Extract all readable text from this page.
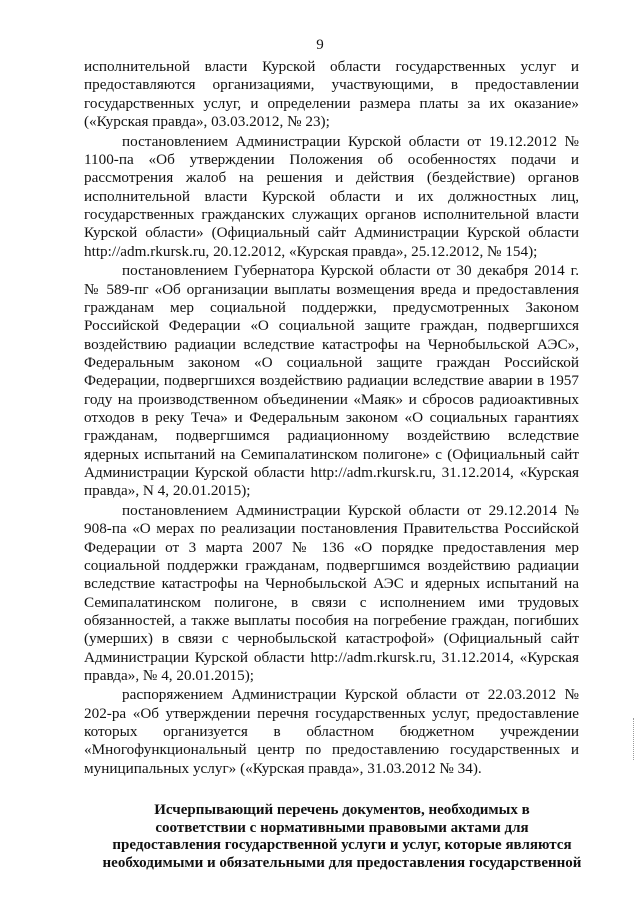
9

исполнительной власти Курской области государственных услуг и предоставляются организациями, участвующими, в предоставлении государственных услуг, и определении размера платы за их оказание» («Курская правда», 03.03.2012, № 23);

постановлением Администрации Курской области от 19.12.2012 № 1100-па «Об утверждении Положения об особенностях подачи и рассмотрения жалоб на решения и действия (бездействие) органов исполнительной власти Курской области и их должностных лиц, государственных гражданских служащих органов исполнительной власти Курской области» (Официальный сайт Администрации Курской области http://adm.rkursk.ru, 20.12.2012, «Курская правда», 25.12.2012, № 154);

постановлением Губернатора Курской области от 30 декабря 2014 г. № 589-пг «Об организации выплаты возмещения вреда и предоставления гражданам мер социальной поддержки, предусмотренных Законом Российской Федерации «О социальной защите граждан, подвергшихся воздействию радиации вследствие катастрофы на Чернобыльской АЭС», Федеральным законом «О социальной защите граждан Российской Федерации, подвергшихся воздействию радиации вследствие аварии в 1957 году на производственном объединении «Маяк» и сбросов радиоактивных отходов в реку Теча» и Федеральным законом «О социальных гарантиях гражданам, подвергшимся радиационному воздействию вследствие ядерных испытаний на Семипалатинском полигоне» с (Официальный сайт Администрации Курской области http://adm.rkursk.ru, 31.12.2014, «Курская правда», N 4, 20.01.2015);

постановлением Администрации Курской области от 29.12.2014 № 908-па «О мерах по реализации постановления Правительства Российской Федерации от 3 марта 2007 № 136 «О порядке предоставления мер социальной поддержки гражданам, подвергшимся воздействию радиации вследствие катастрофы на Чернобыльской АЭС и ядерных испытаний на Семипалатинском полигоне, в связи с исполнением ими трудовых обязанностей, а также выплаты пособия на погребение граждан, погибших (умерших) в связи с чернобыльской катастрофой» (Официальный сайт Администрации Курской области http://adm.rkursk.ru, 31.12.2014, «Курская правда», № 4, 20.01.2015);

распоряжением Администрации Курской области от 22.03.2012 № 202-ра «Об утверждении перечня государственных услуг, предоставление которых организуется в областном бюджетном учреждении «Многофункциональный центр по предоставлению государственных и муниципальных услуг» («Курская правда», 31.03.2012 № 34).

Исчерпывающий перечень документов, необходимых в
соответствии с нормативными правовыми актами для
предоставления государственной услуги и услуг, которые являются
необходимыми и обязательными для предоставления государственной
